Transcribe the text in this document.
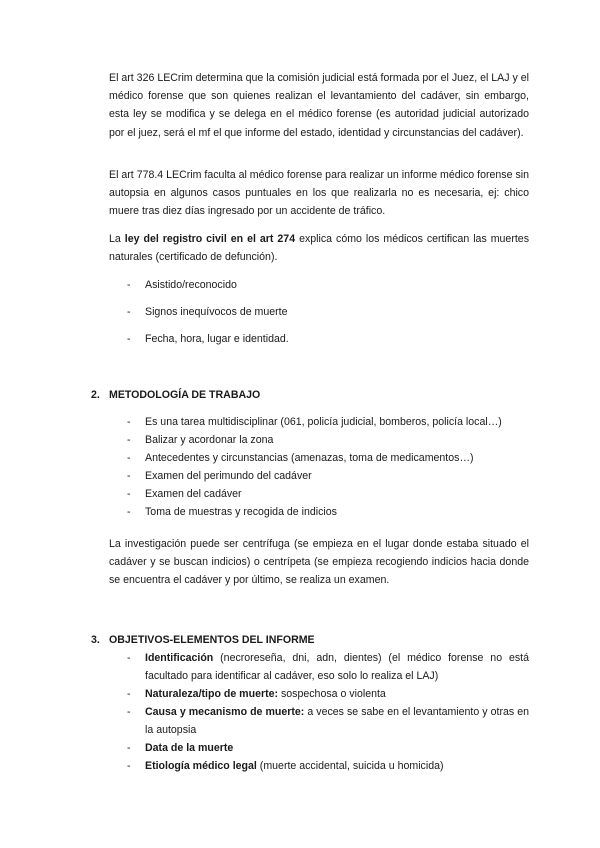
El art 326 LECrim determina que la comisión judicial está formada por el Juez, el LAJ y el médico forense que son quienes realizan el levantamiento del cadáver, sin embargo, esta ley se modifica y se delega en el médico forense (es autoridad judicial autorizado por el juez, será el mf el que informe del estado, identidad y circunstancias del cadáver).

El art 778.4 LECrim faculta al médico forense para realizar un informe médico forense sin autopsia en algunos casos puntuales en los que realizarla no es necesaria, ej: chico muere tras diez días ingresado por un accidente de tráfico.

La ley del registro civil en el art 274 explica cómo los médicos certifican las muertes naturales (certificado de defunción).

- Asistido/reconocido
- Signos inequívocos de muerte
- Fecha, hora, lugar e identidad.
2. METODOLOGÍA DE TRABAJO
- Es una tarea multidisciplinar (061, policía judicial, bomberos, policía local…)
- Balizar y acordonar la zona
- Antecedentes y circunstancias (amenazas, toma de medicamentos…)
- Examen del perimundo del cadáver
- Examen del cadáver
- Toma de muestras y recogida de indicios

La investigación puede ser centrífuga (se empieza en el lugar donde estaba situado el cadáver y se buscan indicios) o centrípeta (se empieza recogiendo indicios hacia donde se encuentra el cadáver y por último, se realiza un examen.

3. OBJETIVOS-ELEMENTOS DEL INFORME
- Identificación (necroreseña, dni, adn, dientes) (el médico forense no está facultado para identificar al cadáver, eso solo lo realiza el LAJ)
- Naturaleza/tipo de muerte: sospechosa o violenta
- Causa y mecanismo de muerte: a veces se sabe en el levantamiento y otras en la autopsia
- Data de la muerte
- Etiología médico legal (muerte accidental, suicida u homicida)
